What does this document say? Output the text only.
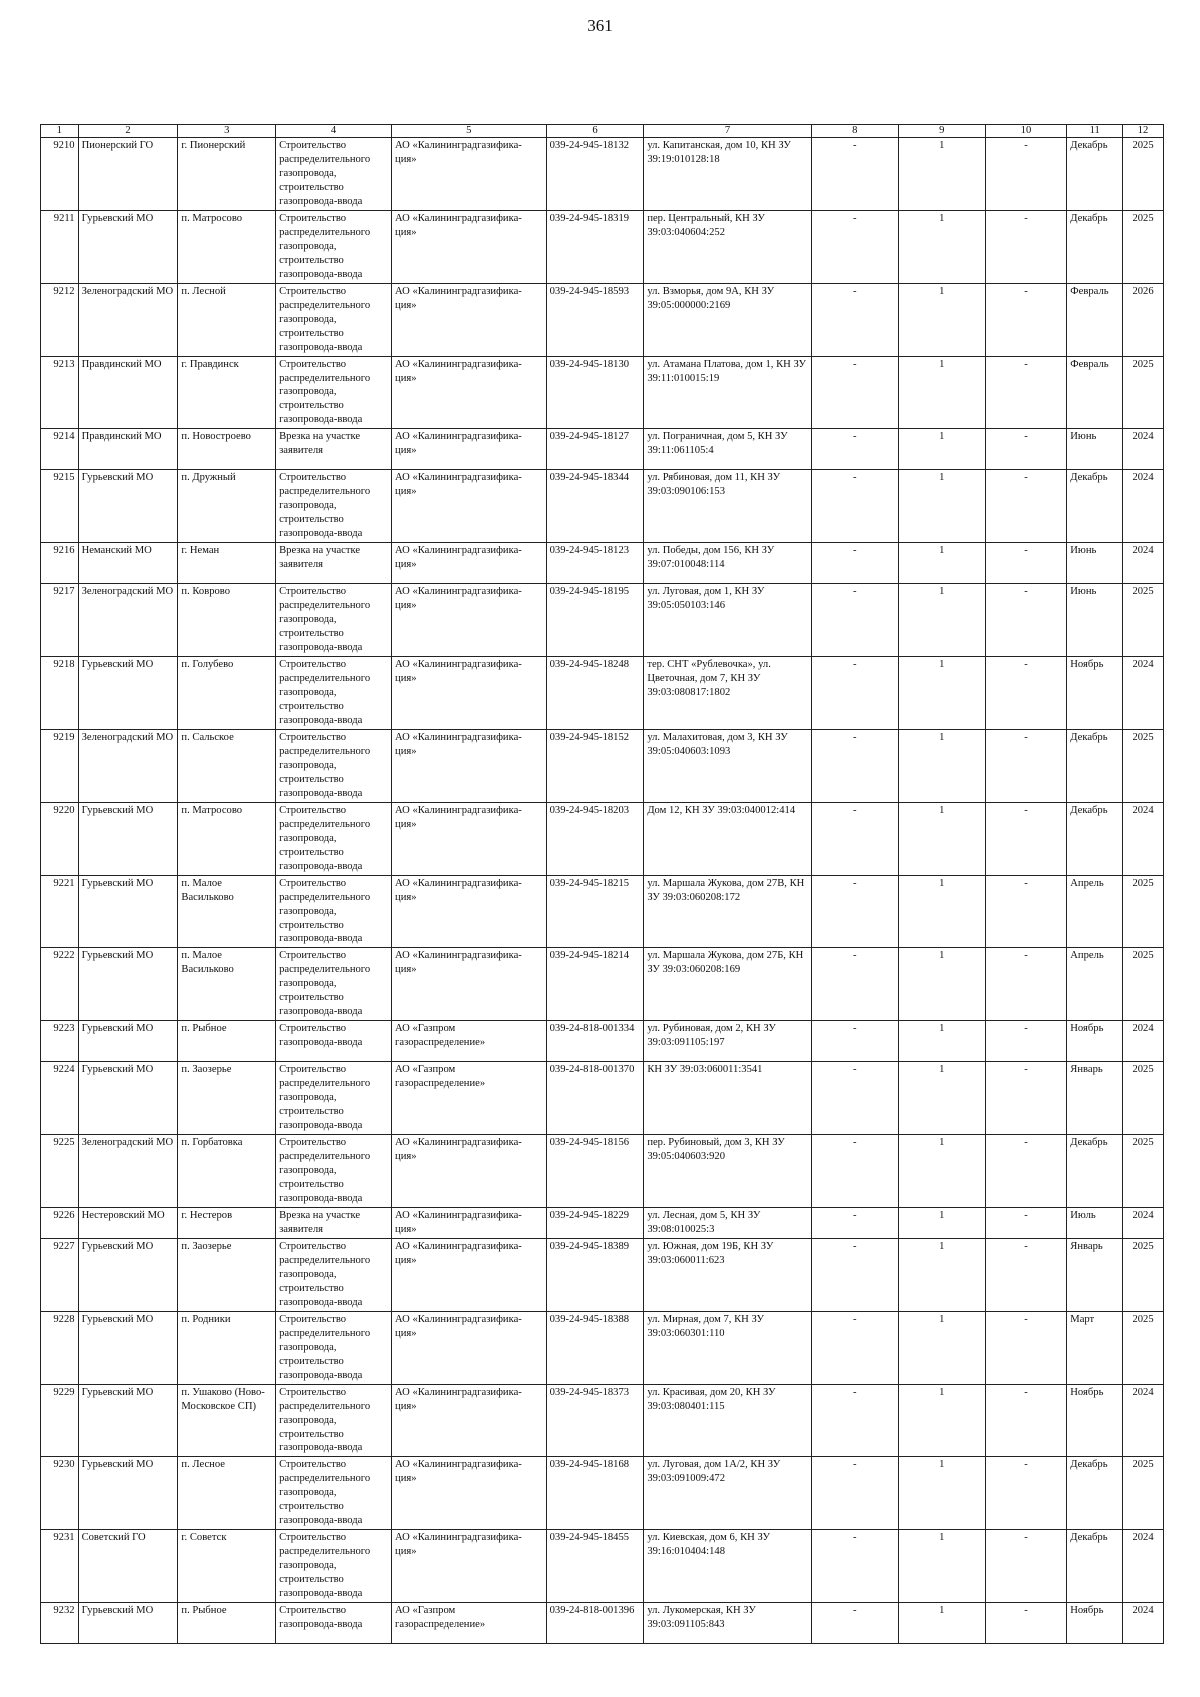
361
1	2	3	4	5	6	7	8	9	10	11	12
9210	Пионерский ГО	г. Пионерский	Строительство распределительного газопровода, строительство газопровода-ввода	АО «Калининградгазифика-ция»	039-24-945-18132	ул. Капитанская, дом 10, КН ЗУ 39:19:010128:18	-	1	-	Декабрь	2025
9211	Гурьевский МО	п. Матросово	Строительство распределительного газопровода, строительство газопровода-ввода	АО «Калининградгазифика-ция»	039-24-945-18319	пер. Центральный, КН ЗУ 39:03:040604:252	-	1	-	Декабрь	2025
9212	Зеленоградский МО	п. Лесной	Строительство распределительного газопровода, строительство газопровода-ввода	АО «Калининградгазифика-ция»	039-24-945-18593	ул. Взморья, дом 9А, КН ЗУ 39:05:000000:2169	-	1	-	Февраль	2026
9213	Правдинский МО	г. Правдинск	Строительство распределительного газопровода, строительство газопровода-ввода	АО «Калининградгазифика-ция»	039-24-945-18130	ул. Атамана Платова, дом 1, КН ЗУ 39:11:010015:19	-	1	-	Февраль	2025
9214	Правдинский МО	п. Новостроево	Врезка на участке заявителя	АО «Калининградгазифика-ция»	039-24-945-18127	ул. Пограничная, дом 5, КН ЗУ 39:11:061105:4	-	1	-	Июнь	2024
9215	Гурьевский МО	п. Дружный	Строительство распределительного газопровода, строительство газопровода-ввода	АО «Калининградгазифика-ция»	039-24-945-18344	ул. Рябиновая, дом 11, КН ЗУ 39:03:090106:153	-	1	-	Декабрь	2024
9216	Неманский МО	г. Неман	Врезка на участке заявителя	АО «Калининградгазифика-ция»	039-24-945-18123	ул. Победы, дом 156, КН ЗУ 39:07:010048:114	-	1	-	Июнь	2024
9217	Зеленоградский МО	п. Коврово	Строительство распределительного газопровода, строительство газопровода-ввода	АО «Калининградгазифика-ция»	039-24-945-18195	ул. Луговая, дом 1, КН ЗУ 39:05:050103:146	-	1	-	Июнь	2025
9218	Гурьевский МО	п. Голубево	Строительство распределительного газопровода, строительство газопровода-ввода	АО «Калининградгазифика-ция»	039-24-945-18248	тер. СНТ «Рублевочка», ул. Цветочная, дом 7, КН ЗУ 39:03:080817:1802	-	1	-	Ноябрь	2024
9219	Зеленоградский МО	п. Сальское	Строительство распределительного газопровода, строительство газопровода-ввода	АО «Калининградгазифика-ция»	039-24-945-18152	ул. Малахитовая, дом 3, КН ЗУ 39:05:040603:1093	-	1	-	Декабрь	2025
9220	Гурьевский МО	п. Матросово	Строительство распределительного газопровода, строительство газопровода-ввода	АО «Калининградгазифика-ция»	039-24-945-18203	Дом 12, КН ЗУ 39:03:040012:414	-	1	-	Декабрь	2024
9221	Гурьевский МО	п. Малое Васильково	Строительство распределительного газопровода, строительство газопровода-ввода	АО «Калининградгазифика-ция»	039-24-945-18215	ул. Маршала Жукова, дом 27В, КН ЗУ 39:03:060208:172	-	1	-	Апрель	2025
9222	Гурьевский МО	п. Малое Васильково	Строительство распределительного газопровода, строительство газопровода-ввода	АО «Калининградгазифика-ция»	039-24-945-18214	ул. Маршала Жукова, дом 27Б, КН ЗУ 39:03:060208:169	-	1	-	Апрель	2025
9223	Гурьевский МО	п. Рыбное	Строительство газопровода-ввода	АО «Газпром газораспределение»	039-24-818-001334	ул. Рубиновая, дом 2, КН ЗУ 39:03:091105:197	-	1	-	Ноябрь	2024
9224	Гурьевский МО	п. Заозерье	Строительство распределительного газопровода, строительство газопровода-ввода	АО «Газпром газораспределение»	039-24-818-001370	КН ЗУ 39:03:060011:3541	-	1	-	Январь	2025
9225	Зеленоградский МО	п. Горбатовка	Строительство распределительного газопровода, строительство газопровода-ввода	АО «Калининградгазифика-ция»	039-24-945-18156	пер. Рубиновый, дом 3, КН ЗУ 39:05:040603:920	-	1	-	Декабрь	2025
9226	Нестеровский МО	г. Нестеров	Врезка на участке заявителя	АО «Калининградгазифика-ция»	039-24-945-18229	ул. Лесная, дом 5, КН ЗУ 39:08:010025:3	-	1	-	Июль	2024
9227	Гурьевский МО	п. Заозерье	Строительство распределительного газопровода, строительство газопровода-ввода	АО «Калининградгазифика-ция»	039-24-945-18389	ул. Южная, дом 19Б, КН ЗУ 39:03:060011:623	-	1	-	Январь	2025
9228	Гурьевский МО	п. Родники	Строительство распределительного газопровода, строительство газопровода-ввода	АО «Калининградгазифика-ция»	039-24-945-18388	ул. Мирная, дом 7, КН ЗУ 39:03:060301:110	-	1	-	Март	2025
9229	Гурьевский МО	п. Ушаково (Ново-Московское СП)	Строительство распределительного газопровода, строительство газопровода-ввода	АО «Калининградгазифика-ция»	039-24-945-18373	ул. Красивая, дом 20, КН ЗУ 39:03:080401:115	-	1	-	Ноябрь	2024
9230	Гурьевский МО	п. Лесное	Строительство распределительного газопровода, строительство газопровода-ввода	АО «Калининградгазифика-ция»	039-24-945-18168	ул. Луговая, дом 1А/2, КН ЗУ 39:03:091009:472	-	1	-	Декабрь	2025
9231	Советский ГО	г. Советск	Строительство распределительного газопровода, строительство газопровода-ввода	АО «Калининградгазифика-ция»	039-24-945-18455	ул. Киевская, дом 6, КН ЗУ 39:16:010404:148	-	1	-	Декабрь	2024
9232	Гурьевский МО	п. Рыбное	Строительство газопровода-ввода	АО «Газпром газораспределение»	039-24-818-001396	ул. Лукомерская, КН ЗУ 39:03:091105:843	-	1	-	Ноябрь	2024
